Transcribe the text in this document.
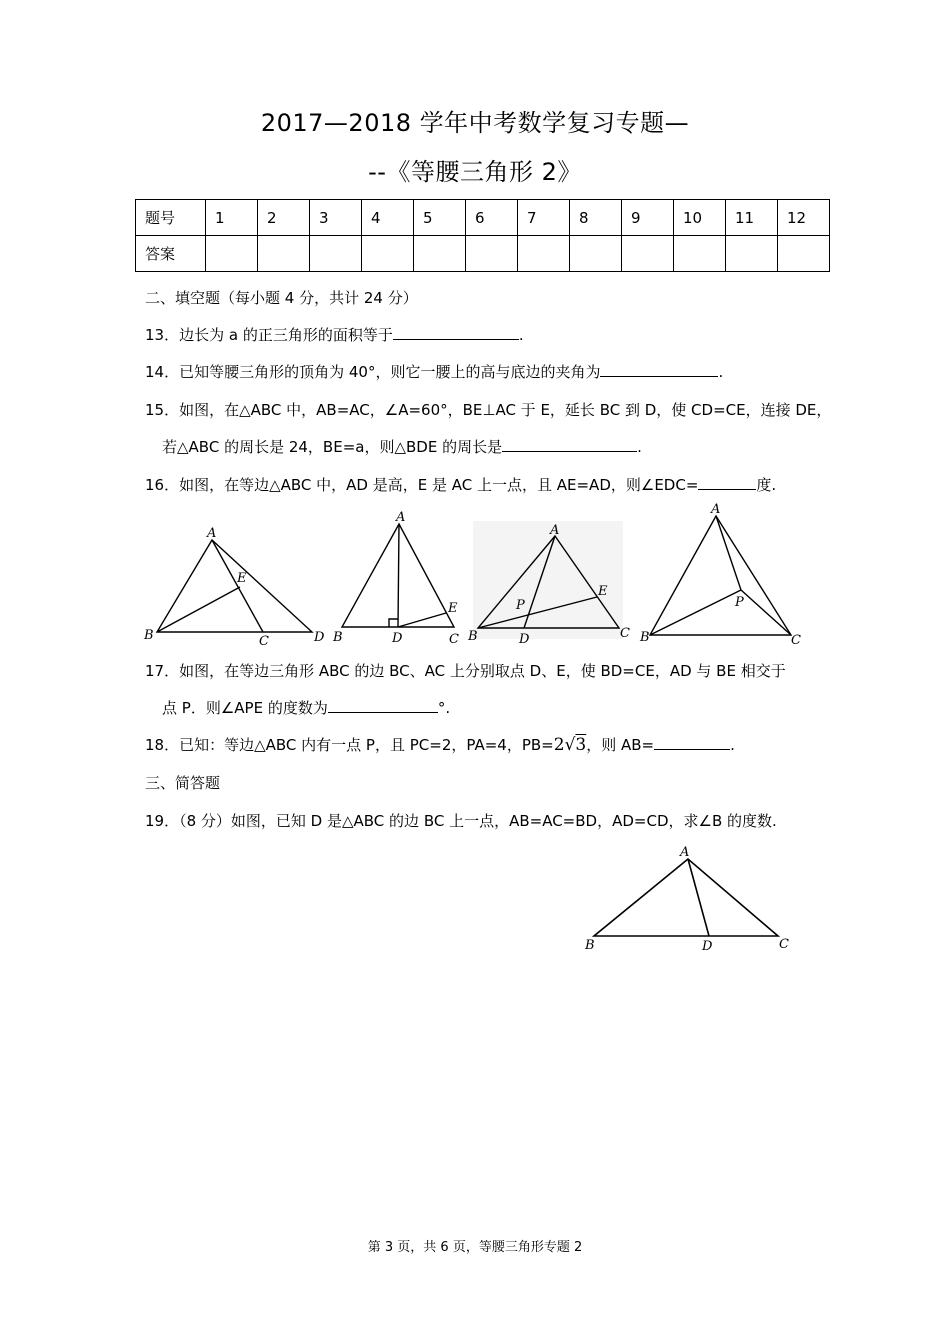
2017—2018 学年中考数学复习专题—
--《等腰三角形 2》
题号	1	2	3	4	5	6	7	8	9	10	11	12
答案												
二、填空题（每小题 4 分，共计 24 分）
13．边长为 a 的正三角形的面积等于	.
14．已知等腰三角形的顶角为 40°，则它一腰上的高与底边的夹角为	.
15．如图，在△ABC 中，AB=AC，∠A=60°，BE⊥AC 于 E，延长 BC 到 D，使 CD=CE，连接 DE，
若△ABC 的周长是 24，BE=a，则△BDE 的周长是	.
16．如图，在等边△ABC 中，AD 是高，E 是 AC 上一点，且 AE=AD，则∠EDC=	度.
A
E
B	C	D
A
E
B	D	C
A
E
P
B	D	C
A
P
B	C
A
B	D	C
17．如图，在等边三角形 ABC 的边 BC、AC 上分别取点 D、E，使 BD=CE，AD 与 BE 相交于
点 P．则∠APE 的度数为	°.
18．已知：等边△ABC 内有一点 P，且 PC=2，PA=4，PB=2√3，则 AB=	.
三、简答题
19．（8 分）如图，已知 D 是△ABC 的边 BC 上一点，AB=AC=BD，AD=CD，求∠B 的度数.
第 3 页，共 6 页，等腰三角形专题 2
